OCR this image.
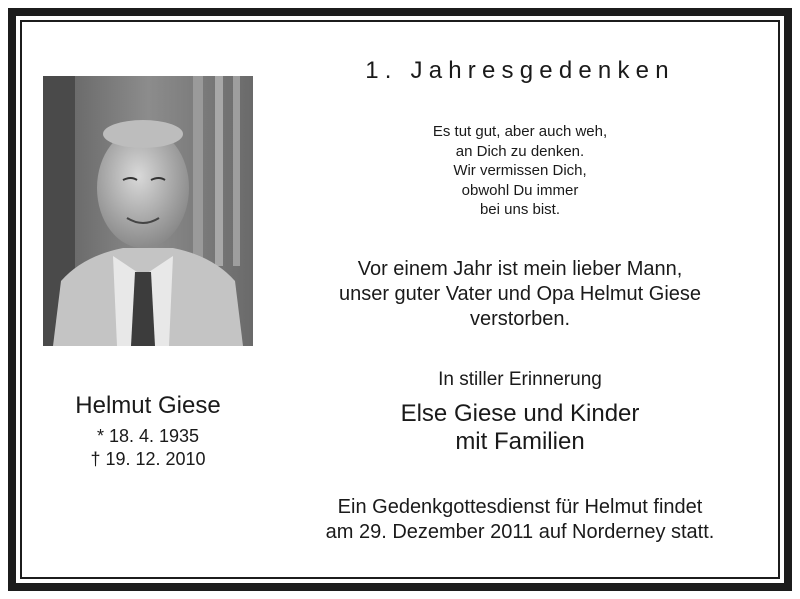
Helmut Giese
* 18. 4. 1935
† 19. 12. 2010
1. Jahresgedenken
Es tut gut, aber auch weh,
an Dich zu denken.
Wir vermissen Dich,
obwohl Du immer
bei uns bist.
Vor einem Jahr ist mein lieber Mann,
unser guter Vater und Opa Helmut Giese
verstorben.
In stiller Erinnerung
Else Giese und Kinder
mit Familien
Ein Gedenkgottesdienst für Helmut findet
am 29. Dezember 2011 auf Norderney statt.
